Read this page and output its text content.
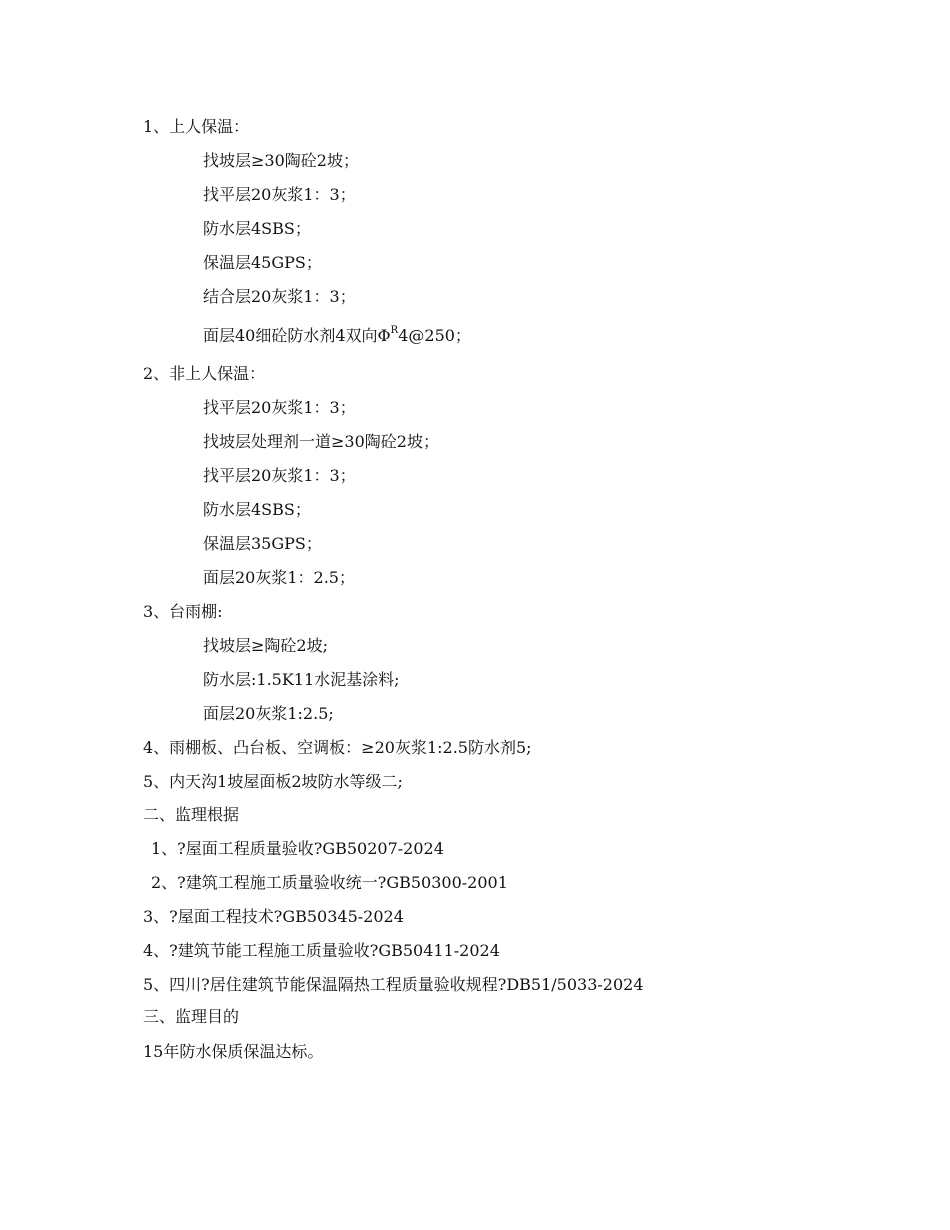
1、上人保温：
找坡层≥30陶砼2坡；
找平层20灰浆1：3；
防水层4SBS；
保温层45GPS；
结合层20灰浆1：3；
面层40细砼防水剂4双向$\Phi^R4@250$；
2、非上人保温：
找平层20灰浆1：3；
找坡层处理剂一道≥30陶砼2坡；
找平层20灰浆1：3；
防水层4SBS；
保温层35GPS；
面层20灰浆1：2.5；
3、台雨棚:
找坡层≥陶砼2坡;
防水层:1.5K11水泥基涂料;
面层20灰浆1:2.5;
4、雨棚板、凸台板、空调板：≥20灰浆1:2.5防水剂5;
5、内天沟1坡屋面板2坡防水等级二;
二、监理根据
1、?屋面工程质量验收?GB50207-2024
2、?建筑工程施工质量验收统一?GB50300-2001
3、?屋面工程技术?GB50345-2024
4、?建筑节能工程施工质量验收?GB50411-2024
5、四川?居住建筑节能保温隔热工程质量验收规程?DB51/5033-2024
三、监理目的
15年防水保质保温达标。
